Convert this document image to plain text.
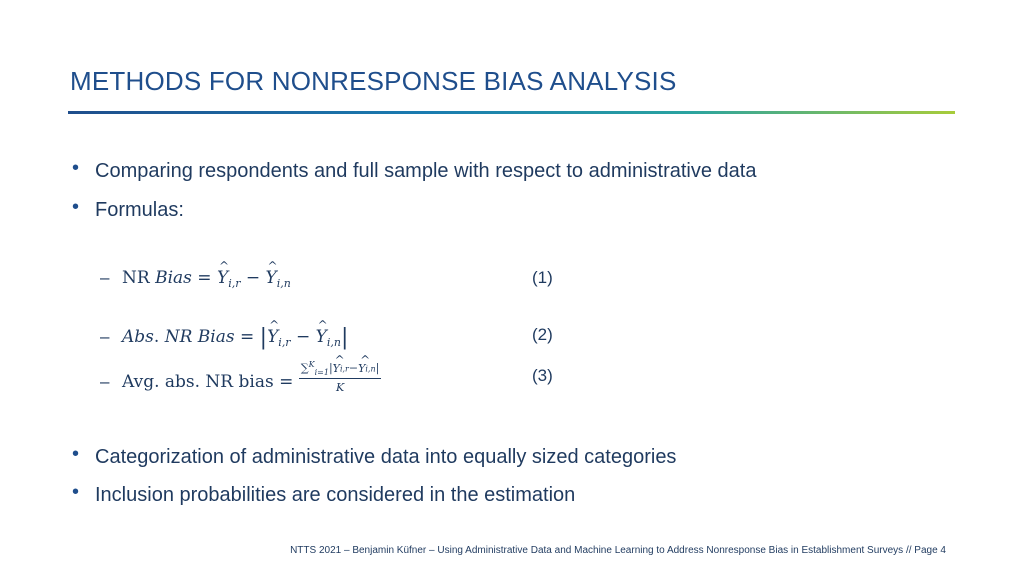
METHODS FOR NONRESPONSE BIAS ANALYSIS
• Comparing respondents and full sample with respect to administrative data
• Formulas:
– NR Bias = ^ $Y_{i,r}$ − ^ $Y_{i,n}$	(1)
– Abs. NR Bias = |^ $Y_{i,r}$ − ^ $Y_{i,n}|$	(2)
– Avg. abs. NR bias = $\frac{\sum^K_{i=1}|\^{} Yi,r-\^{} Yi,n|}{K}$	(3)
• Categorization of administrative data into equally sized categories
• Inclusion probabilities are considered in the estimation
NTTS 2021 – Benjamin Küfner – Using Administrative Data and Machine Learning to Address Nonresponse Bias in Establishment Surveys // Page 4
